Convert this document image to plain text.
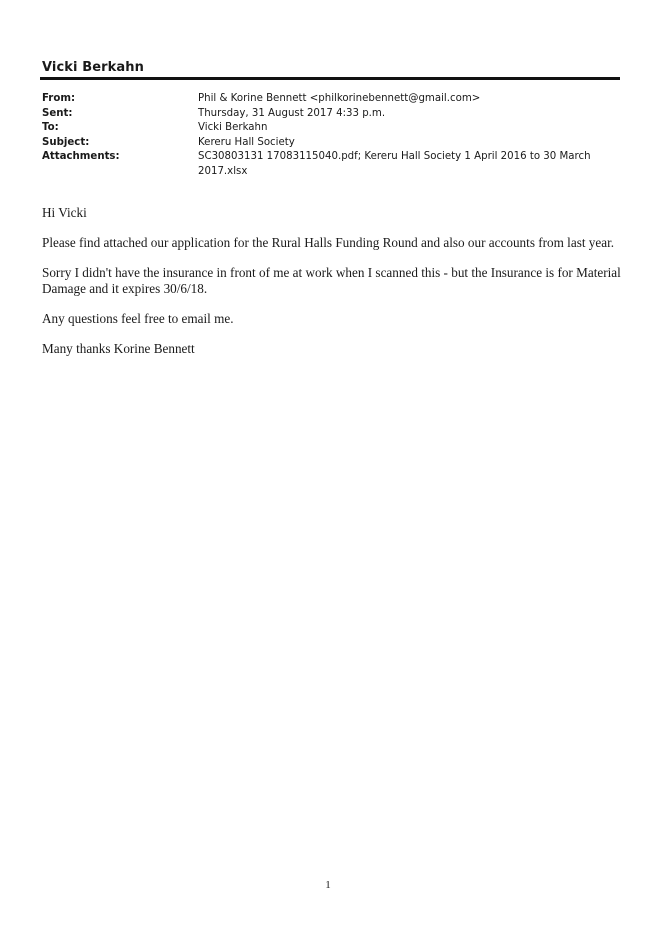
Vicki Berkahn
From:	Phil & Korine Bennett <philkorinebennett@gmail.com>
Sent:	Thursday, 31 August 2017 4:33 p.m.
To:	Vicki Berkahn
Subject:	Kereru Hall Society
Attachments:	SC30803131 17083115040.pdf; Kereru Hall Society 1 April 2016 to 30 March 2017.xlsx

Hi Vicki

Please find attached our application for the Rural Halls Funding Round and also our accounts from last year.

Sorry I didn't have the insurance in front of me at work when I scanned this - but the Insurance is for Material Damage and it expires 30/6/18.

Any questions feel free to email me.

Many thanks Korine Bennett

1
